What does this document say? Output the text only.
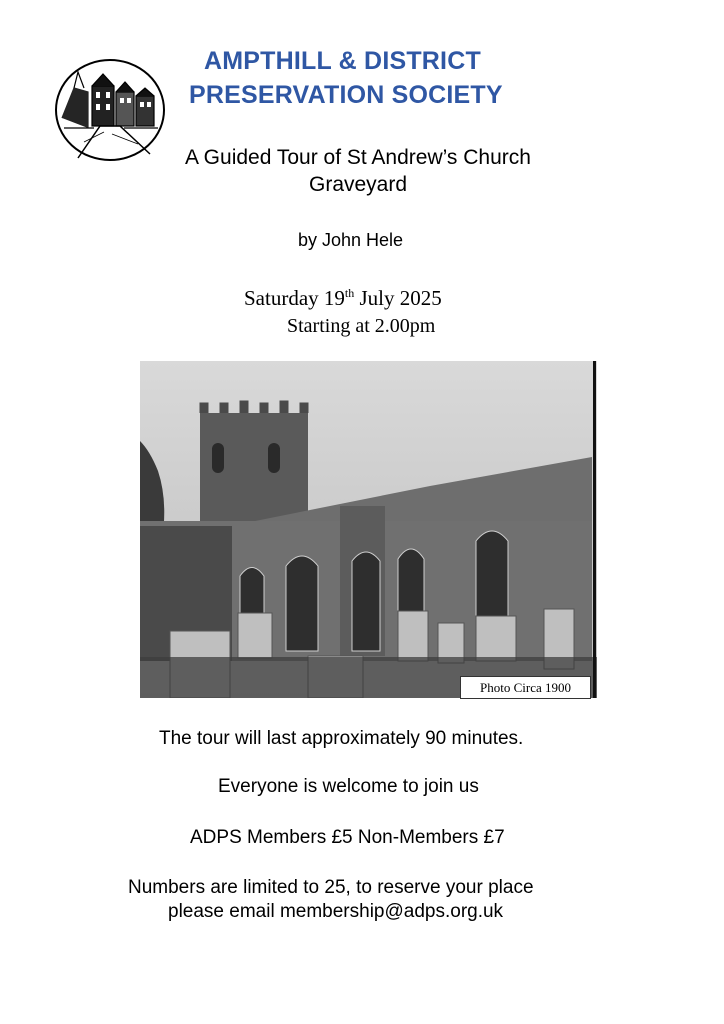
AMPTHILL & DISTRICT
PRESERVATION SOCIETY
A Guided Tour of St Andrew’s Church
Graveyard
by John Hele
Saturday 19th July 2025
Starting at 2.00pm
Photo Circa 1900
The tour will last approximately 90 minutes.
Everyone is welcome to join us
ADPS Members £5 Non-Members £7
Numbers are limited to 25, to reserve your place
please email membership@adps.org.uk
